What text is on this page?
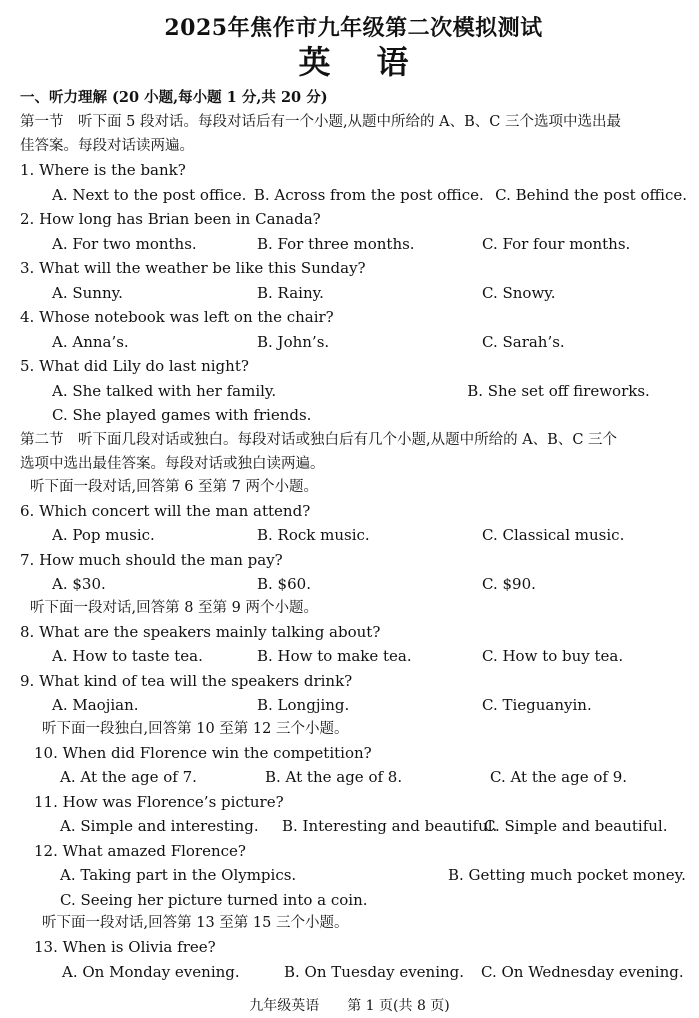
2025年焦作市九年级第二次模拟测试
英语
一、听力理解 (20 小题,每小题 1 分,共 20 分)
第一节　听下面 5 段对话。每段对话后有一个小题,从题中所给的 A、B、C 三个选项中选出最
佳答案。每段对话读两遍。
1. Where is the bank?
A. Next to the post office. B. Across from the post office. C. Behind the post office.
2. How long has Brian been in Canada?
A. For two months.	B. For three months.	C. For four months.
3. What will the weather be like this Sunday?
A. Sunny.	B. Rainy.	C. Snowy.
4. Whose notebook was left on the chair?
A. Anna’s.	B. John’s.	C. Sarah’s.
5. What did Lily do last night?
A. She talked with her family.	B. She set off fireworks.
C. She played games with friends.
第二节　听下面几段对话或独白。每段对话或独白后有几个小题,从题中所给的 A、B、C 三个
选项中选出最佳答案。每段对话或独白读两遍。
听下面一段对话,回答第 6 至第 7 两个小题。
6. Which concert will the man attend?
A. Pop music.	B. Rock music.	C. Classical music.
7. How much should the man pay?
A. $30.	B. $60.	C. $90.
听下面一段对话,回答第 8 至第 9 两个小题。
8. What are the speakers mainly talking about?
A. How to taste tea.	B. How to make tea.	C. How to buy tea.
9. What kind of tea will the speakers drink?
A. Maojian.	B. Longjing.	C. Tieguanyin.
听下面一段独白,回答第 10 至第 12 三个小题。
10. When did Florence win the competition?
A. At the age of 7.	B. At the age of 8.	C. At the age of 9.
11. How was Florence’s picture?
A. Simple and interesting.	B. Interesting and beautiful.
C. Simple and beautiful.
12. What amazed Florence?
A. Taking part in the Olympics.	B. Getting much pocket money.
C. Seeing her picture turned into a coin.
听下面一段对话,回答第 13 至第 15 三个小题。
13. When is Olivia free?
A. On Monday evening.	B. On Tuesday evening.	C. On Wednesday evening.
九年级英语　　第 1 页(共 8 页)
